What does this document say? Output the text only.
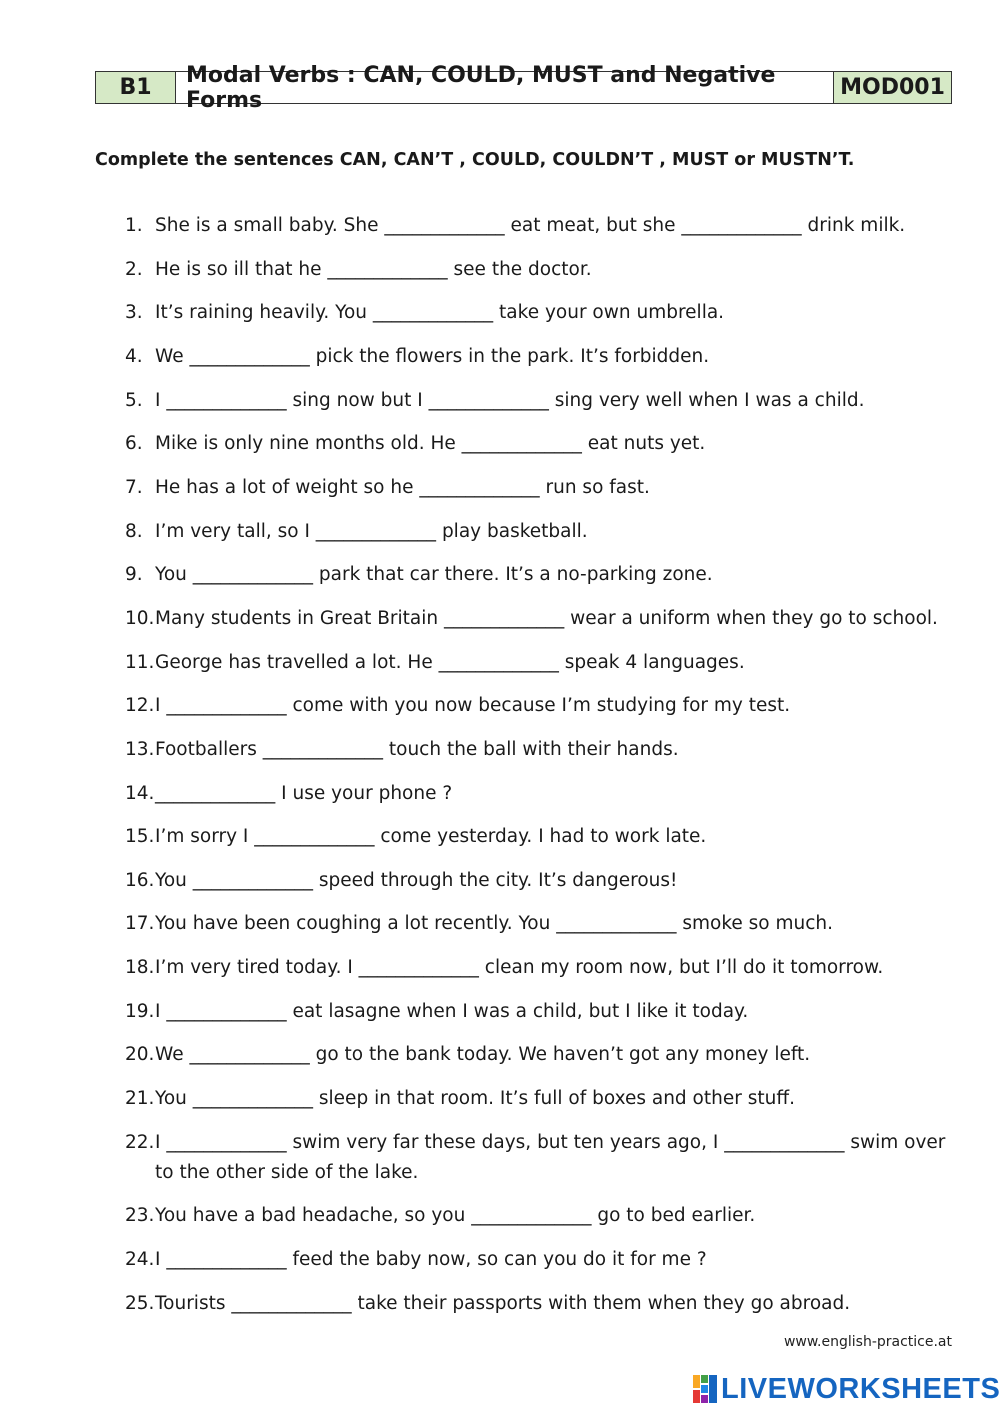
B1	Modal Verbs : CAN, COULD, MUST and Negative Forms	MOD001
Complete the sentences CAN, CAN’T , COULD, COULDN’T , MUST or MUSTN’T.
1. She is a small baby. She _____________ eat meat, but she _____________ drink milk.
2. He is so ill that he _____________ see the doctor.
3. It’s raining heavily. You _____________ take your own umbrella.
4. We _____________ pick the flowers in the park. It’s forbidden.
5. I _____________ sing now but I _____________ sing very well when I was a child.
6. Mike is only nine months old. He _____________ eat nuts yet.
7. He has a lot of weight so he _____________ run so fast.
8. I’m very tall, so I _____________ play basketball.
9. You _____________ park that car there. It’s a no-parking zone.
10. Many students in Great Britain _____________ wear a uniform when they go to school.
11. George has travelled a lot. He _____________ speak 4 languages.
12. I _____________ come with you now because I’m studying for my test.
13. Footballers _____________ touch the ball with their hands.
14. _____________ I use your phone ?
15. I’m sorry I _____________ come yesterday. I had to work late.
16. You _____________ speed through the city. It’s dangerous!
17. You have been coughing a lot recently. You _____________ smoke so much.
18. I’m very tired today. I _____________ clean my room now, but I’ll do it tomorrow.
19. I _____________ eat lasagne when I was a child, but I like it today.
20. We _____________ go to the bank today. We haven’t got any money left.
21. You _____________ sleep in that room. It’s full of boxes and other stuff.
22. I _____________ swim very far these days, but ten years ago, I _____________ swim over to the other side of the lake.
23. You have a bad headache, so you _____________ go to bed earlier.
24. I _____________ feed the baby now, so can you do it for me ?
25. Tourists _____________ take their passports with them when they go abroad.
www.english-practice.at
LIVEWORKSHEETS
